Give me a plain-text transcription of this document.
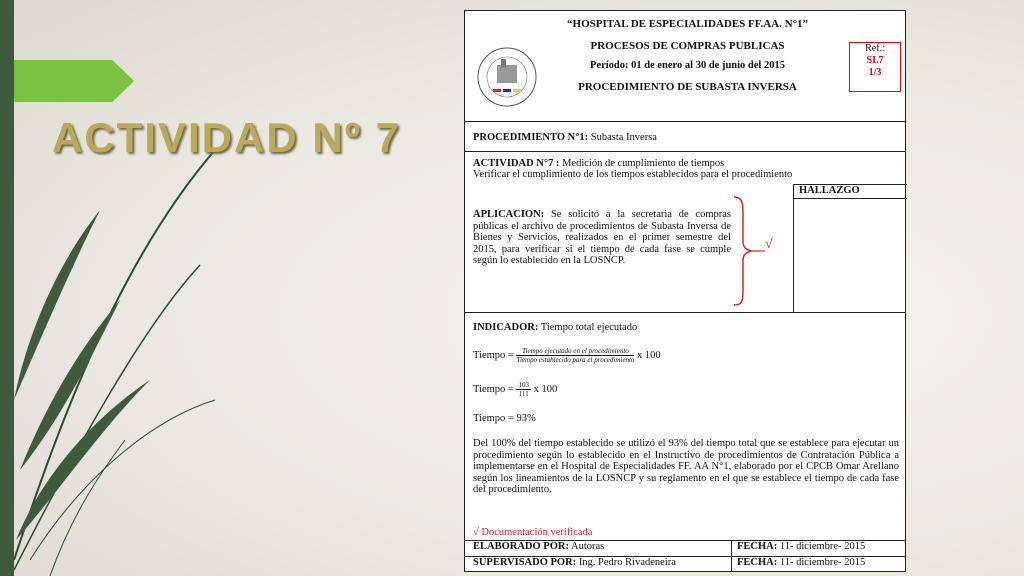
ACTIVIDAD Nº 7

“HOSPITAL DE ESPECIALIDADES FF.AA. N°1”

PROCESOS DE COMPRAS PUBLICAS

Período: 01 de enero al 30 de junio del 2015

PROCEDIMIENTO DE SUBASTA INVERSA

Ref.:
SI.7
1/3

PROCEDIMIENTO N°1: Subasta Inversa

ACTIVIDAD N°7 : Medición de cumplimiento de tiempos
Verificar el cumplimiento de los tiempos establecidos para el procedimiento

HALLAZGO

APLICACION: Se solicitó a la secretaria de compras públicas el archivo de procedimientos de Subasta Inversa de Bienes y Servicios, realizados en el primer semestre del 2015, para verificar si el tiempo de cada fase se cumple según lo establecido en la LOSNCP.

√

INDICADOR: Tiempo total ejecutado

Tiempo = $\frac{\text{Tiempo ejecutado en el procedimiento}}{\text{Tiempo establecido para el procedimiento}}$ x 100
Tiempo = $\frac{103}{111}$ x 100

Tiempo = 93%

Del 100% del tiempo establecido se utilizó el 93% del tiempo total que se establece para ejecutar un procedimiento según lo establecido en el Instructivo de procedimientos de Contratación Pública a implementarse en el Hospital de Especialidades FF. AA N°1, elaborado por el CPCB Omar Arellano según los lineamientos de la LOSNCP y su reglamento en el que se establece el tiempo de cada fase del procedimiento.

√ Documentación verificada

ELABORADO POR: Autoras	FECHA: 11- diciembre- 2015

SUPERVISADO POR: Ing. Pedro Rivadeneira	FECHA: 11- diciembre- 2015
